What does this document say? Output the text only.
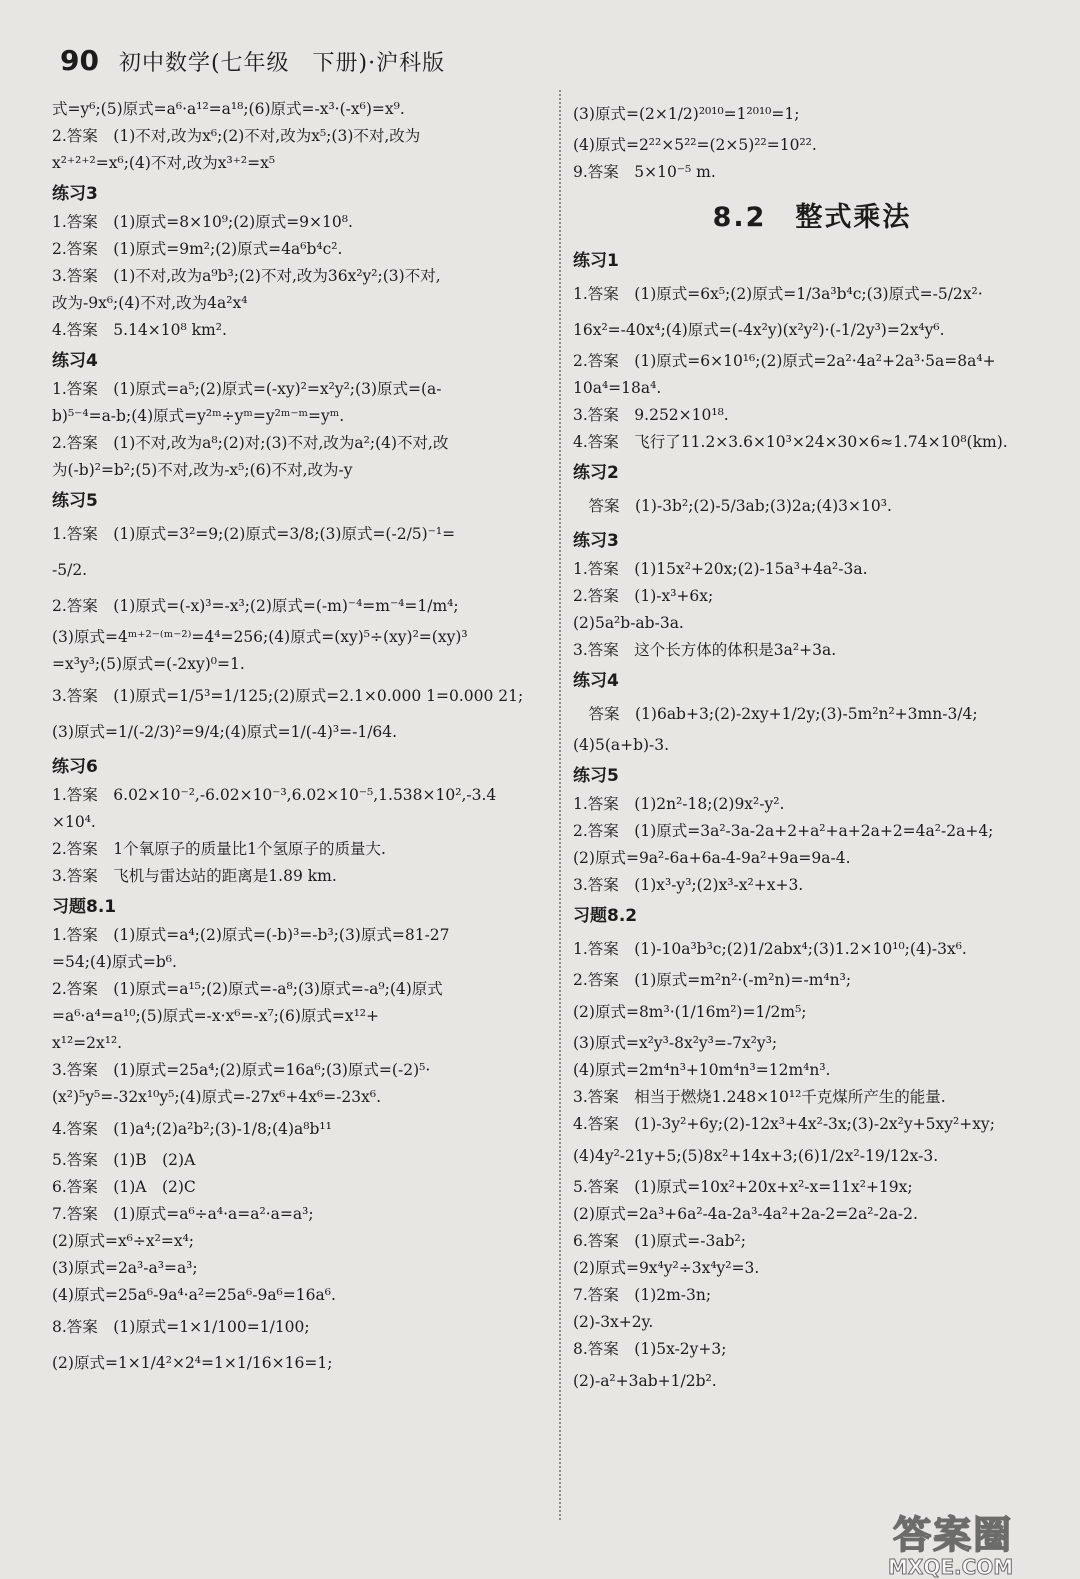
90 初中数学(七年级　下册)·沪科版
式=y⁶;(5)原式=a⁶·a¹²=a¹⁸;(6)原式=-x³·(-x⁶)=x⁹.
2.答案　(1)不对,改为x⁶;(2)不对,改为x⁵;(3)不对,改为
x²⁺²⁺²=x⁶;(4)不对,改为x³⁺²=x⁵
练习3
1.答案　(1)原式=8×10⁹;(2)原式=9×10⁸.
2.答案　(1)原式=9m²;(2)原式=4a⁶b⁴c².
3.答案　(1)不对,改为a⁹b³;(2)不对,改为36x²y²;(3)不对,
改为-9x⁶;(4)不对,改为4a²x⁴
4.答案　5.14×10⁸ km².
练习4
1.答案　(1)原式=a⁵;(2)原式=(-xy)²=x²y²;(3)原式=(a-
b)⁵⁻⁴=a-b;(4)原式=y²ᵐ÷yᵐ=y²ᵐ⁻ᵐ=yᵐ.
2.答案　(1)不对,改为a⁸;(2)对;(3)不对,改为a²;(4)不对,改
为(-b)²=b²;(5)不对,改为-x⁵;(6)不对,改为-y
练习5
1.答案　(1)原式=3²=9;(2)原式=3/8;(3)原式=(-2/5)⁻¹=
-5/2.
2.答案　(1)原式=(-x)³=-x³;(2)原式=(-m)⁻⁴=m⁻⁴=1/m⁴;
(3)原式=4ᵐ⁺²⁻⁽ᵐ⁻²⁾=4⁴=256;(4)原式=(xy)⁵÷(xy)²=(xy)³
=x³y³;(5)原式=(-2xy)⁰=1.
3.答案　(1)原式=1/5³=1/125;(2)原式=2.1×0.000 1=0.000 21;
(3)原式=1/(-2/3)²=9/4;(4)原式=1/(-4)³=-1/64.
练习6
1.答案　6.02×10⁻²,-6.02×10⁻³,6.02×10⁻⁵,1.538×10²,-3.4
×10⁴.
2.答案　1个氧原子的质量比1个氢原子的质量大.
3.答案　飞机与雷达站的距离是1.89 km.
习题8.1
1.答案　(1)原式=a⁴;(2)原式=(-b)³=-b³;(3)原式=81-27
=54;(4)原式=b⁶.
2.答案　(1)原式=a¹⁵;(2)原式=-a⁸;(3)原式=-a⁹;(4)原式
=a⁶·a⁴=a¹⁰;(5)原式=-x·x⁶=-x⁷;(6)原式=x¹²+
x¹²=2x¹².
3.答案　(1)原式=25a⁴;(2)原式=16a⁶;(3)原式=(-2)⁵·
(x²)⁵y⁵=-32x¹⁰y⁵;(4)原式=-27x⁶+4x⁶=-23x⁶.
4.答案　(1)a⁴;(2)a²b²;(3)-1/8;(4)a⁸b¹¹
5.答案　(1)B　(2)A
6.答案　(1)A　(2)C
7.答案　(1)原式=a⁶÷a⁴·a=a²·a=a³;
(2)原式=x⁶÷x²=x⁴;
(3)原式=2a³-a³=a³;
(4)原式=25a⁶-9a⁴·a²=25a⁶-9a⁶=16a⁶.
8.答案　(1)原式=1×1/100=1/100;
(2)原式=1×1/4²×2⁴=1×1/16×16=1;
(3)原式=(2×1/2)²⁰¹⁰=1²⁰¹⁰=1;
(4)原式=2²²×5²²=(2×5)²²=10²².
9.答案　5×10⁻⁵ m.
8.2　整式乘法
练习1
1.答案　(1)原式=6x⁵;(2)原式=1/3a³b⁴c;(3)原式=-5/2x²·
16x²=-40x⁴;(4)原式=(-4x²y)(x²y²)·(-1/2y³)=2x⁴y⁶.
2.答案　(1)原式=6×10¹⁶;(2)原式=2a²·4a²+2a³·5a=8a⁴+
10a⁴=18a⁴.
3.答案　9.252×10¹⁸.
4.答案　飞行了11.2×3.6×10³×24×30×6≈1.74×10⁸(km).
练习2
　答案　(1)-3b²;(2)-5/3ab;(3)2a;(4)3×10³.
练习3
1.答案　(1)15x²+20x;(2)-15a³+4a²-3a.
2.答案　(1)-x³+6x;
(2)5a²b-ab-3a.
3.答案　这个长方体的体积是3a²+3a.
练习4
　答案　(1)6ab+3;(2)-2xy+1/2y;(3)-5m²n²+3mn-3/4;
(4)5(a+b)-3.
练习5
1.答案　(1)2n²-18;(2)9x²-y².
2.答案　(1)原式=3a²-3a-2a+2+a²+a+2a+2=4a²-2a+4;
(2)原式=9a²-6a+6a-4-9a²+9a=9a-4.
3.答案　(1)x³-y³;(2)x³-x²+x+3.
习题8.2
1.答案　(1)-10a³b³c;(2)1/2abx⁴;(3)1.2×10¹⁰;(4)-3x⁶.
2.答案　(1)原式=m²n²·(-m²n)=-m⁴n³;
(2)原式=8m³·(1/16m²)=1/2m⁵;
(3)原式=x²y³-8x²y³=-7x²y³;
(4)原式=2m⁴n³+10m⁴n³=12m⁴n³.
3.答案　相当于燃烧1.248×10¹²千克煤所产生的能量.
4.答案　(1)-3y²+6y;(2)-12x³+4x²-3x;(3)-2x²y+5xy²+xy;
(4)4y²-21y+5;(5)8x²+14x+3;(6)1/2x²-19/12x-3.
5.答案　(1)原式=10x²+20x+x²-x=11x²+19x;
(2)原式=2a³+6a²-4a-2a³-4a²+2a-2=2a²-2a-2.
6.答案　(1)原式=-3ab²;
(2)原式=9x⁴y²÷3x⁴y²=3.
7.答案　(1)2m-3n;
(2)-3x+2y.
8.答案　(1)5x-2y+3;
(2)-a²+3ab+1/2b².
答案圈
MXQE.COM
